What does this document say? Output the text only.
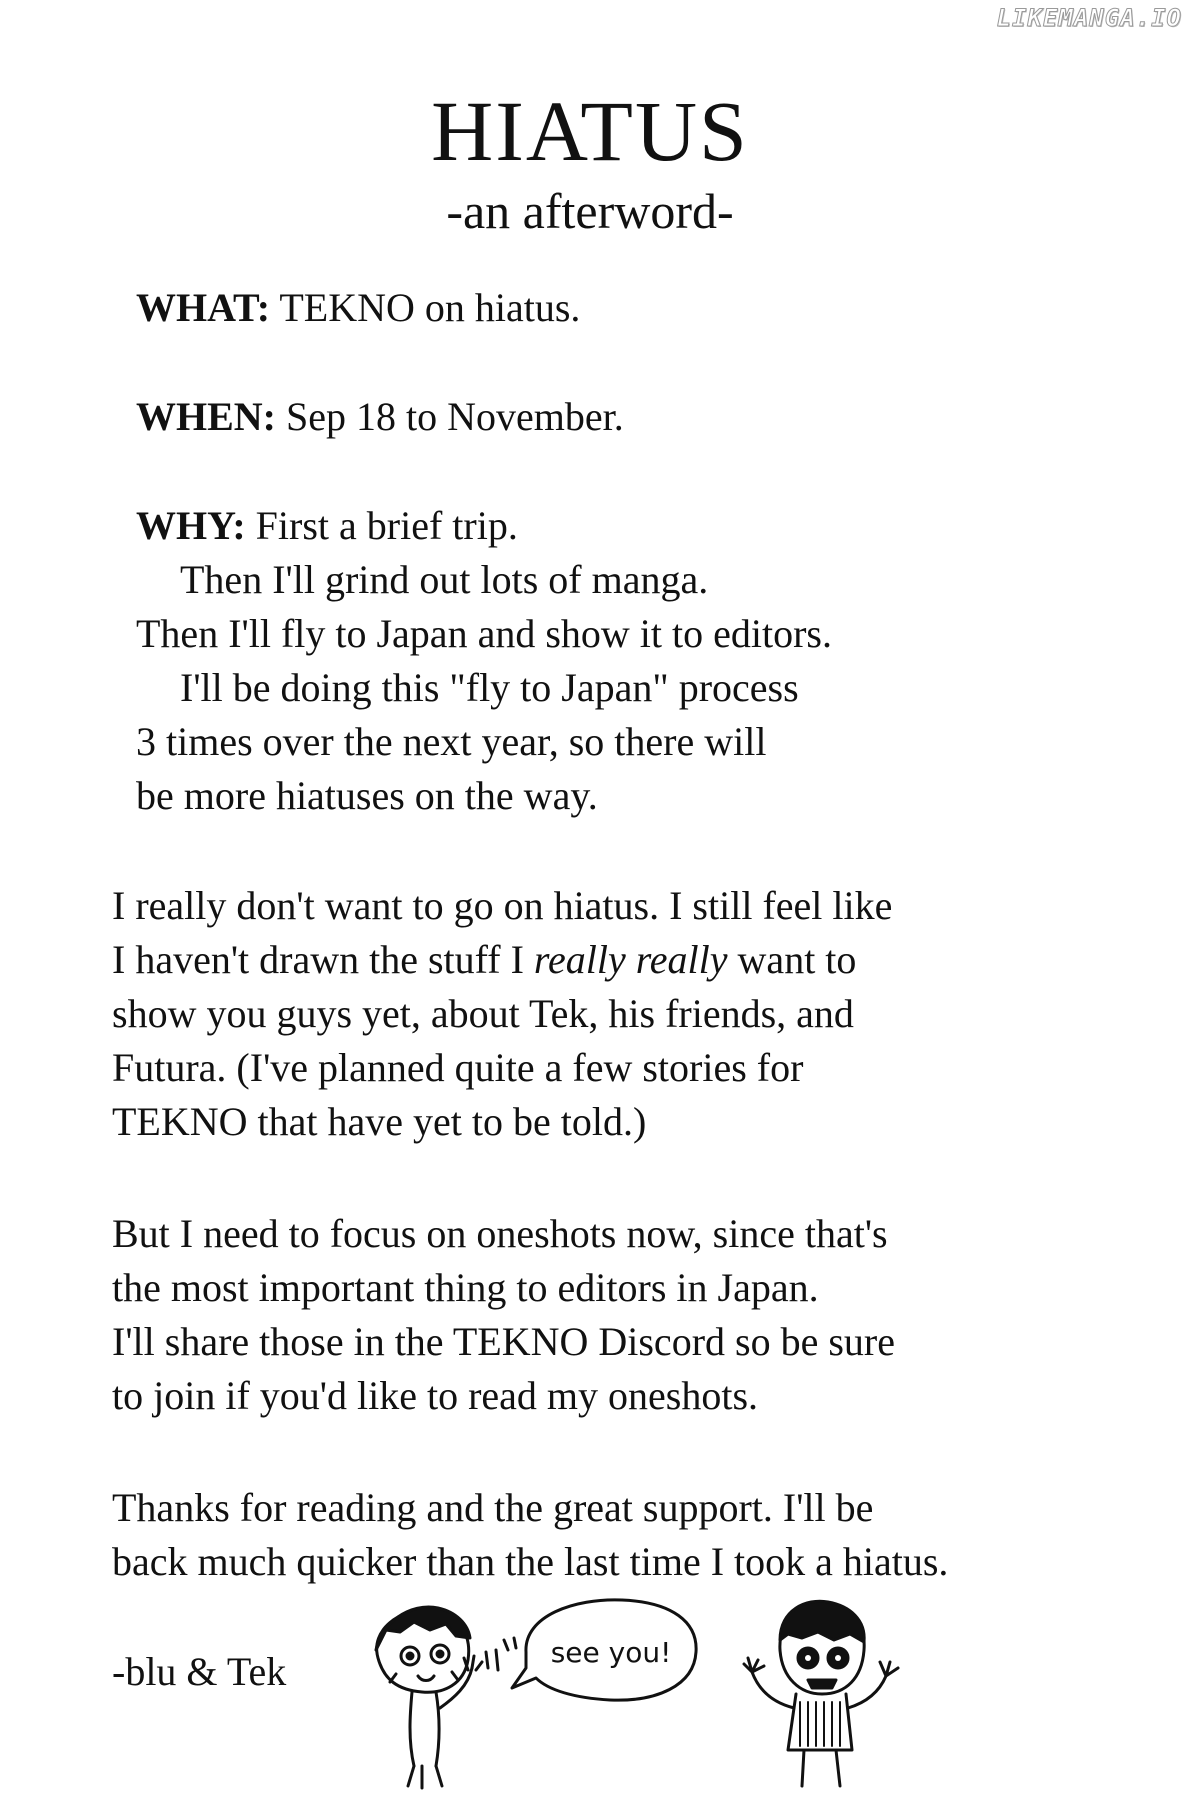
LIKEMANGA.IO
HIATUS
-an afterword-
WHAT: TEKNO on hiatus.
WHEN: Sep 18 to November.
WHY: First a brief trip.
Then I'll grind out lots of manga.
Then I'll fly to Japan and show it to editors.
I'll be doing this "fly to Japan" process
3 times over the next year, so there will
be more hiatuses on the way.
I really don't want to go on hiatus. I still feel like
I haven't drawn the stuff I really really want to
show you guys yet, about Tek, his friends, and
Futura. (I've planned quite a few stories for
TEKNO that have yet to be told.)
But I need to focus on oneshots now, since that's
the most important thing to editors in Japan.
I'll share those in the TEKNO Discord so be sure
to join if you'd like to read my oneshots.
Thanks for reading and the great support. I'll be
back much quicker than the last time I took a hiatus.
-blu & Tek	see you!
